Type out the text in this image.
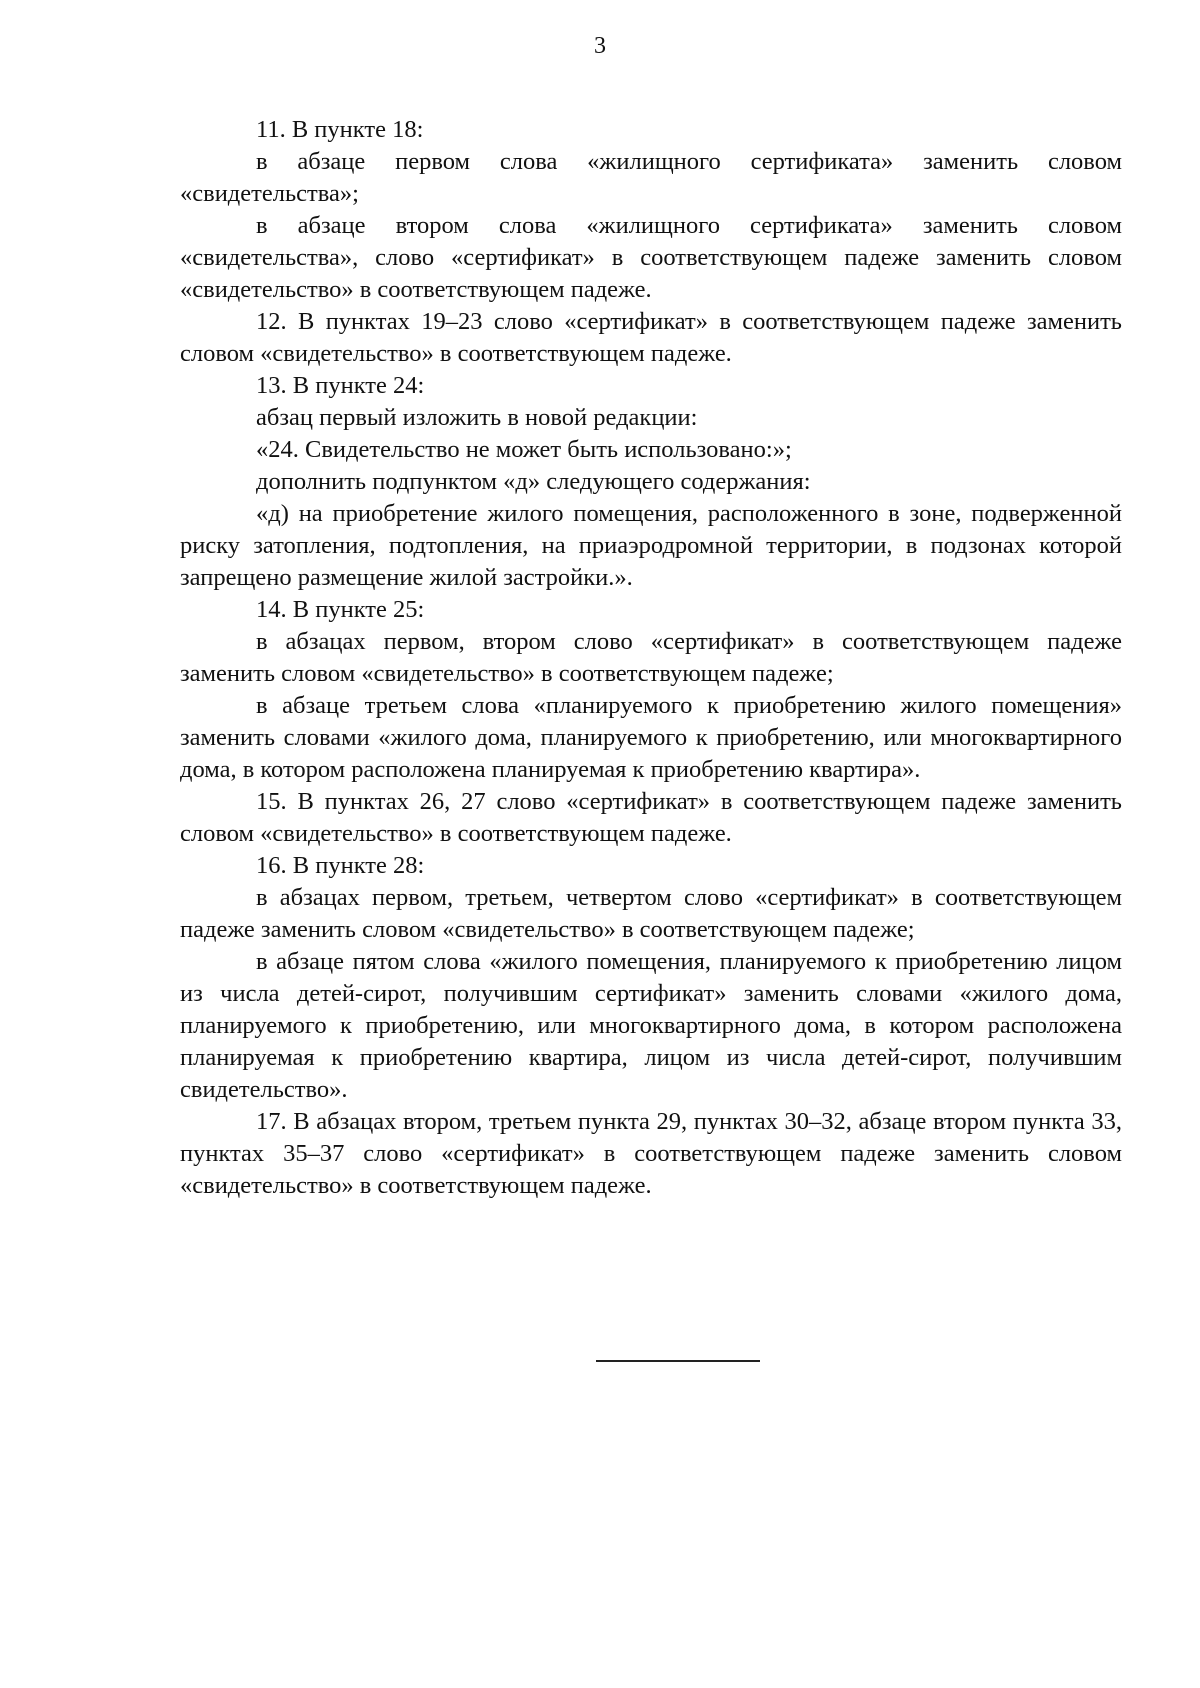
3

11. В пункте 18:

в абзаце первом слова «жилищного сертификата» заменить словом «свидетельства»;

в абзаце втором слова «жилищного сертификата» заменить словом «свидетельства», слово «сертификат» в соответствующем падеже заменить словом «свидетельство» в соответствующем падеже.

12. В пунктах 19–23 слово «сертификат» в соответствующем падеже заменить словом «свидетельство» в соответствующем падеже.

13. В пункте 24:

абзац первый изложить в новой редакции:

«24. Свидетельство не может быть использовано:»;

дополнить подпунктом «д» следующего содержания:

«д) на приобретение жилого помещения, расположенного в зоне, подверженной риску затопления, подтопления, на приаэродромной территории, в подзонах которой запрещено размещение жилой застройки.».

14. В пункте 25:

в абзацах первом, втором слово «сертификат» в соответствующем падеже заменить словом «свидетельство» в соответствующем падеже;

в абзаце третьем слова «планируемого к приобретению жилого помещения» заменить словами «жилого дома, планируемого к приобретению, или многоквартирного дома, в котором расположена планируемая к приобретению квартира».

15. В пунктах 26, 27 слово «сертификат» в соответствующем падеже заменить словом «свидетельство» в соответствующем падеже.

16. В пункте 28:

в абзацах первом, третьем, четвертом слово «сертификат» в соответствующем падеже заменить словом «свидетельство» в соответствующем падеже;

в абзаце пятом слова «жилого помещения, планируемого к приобретению лицом из числа детей-сирот, получившим сертификат» заменить словами «жилого дома, планируемого к приобретению, или многоквартирного дома, в котором расположена планируемая к приобретению квартира, лицом из числа детей-сирот, получившим свидетельство».

17. В абзацах втором, третьем пункта 29, пунктах 30–32, абзаце втором пункта 33, пунктах 35–37 слово «сертификат» в соответствующем падеже заменить словом «свидетельство» в соответствующем падеже.
